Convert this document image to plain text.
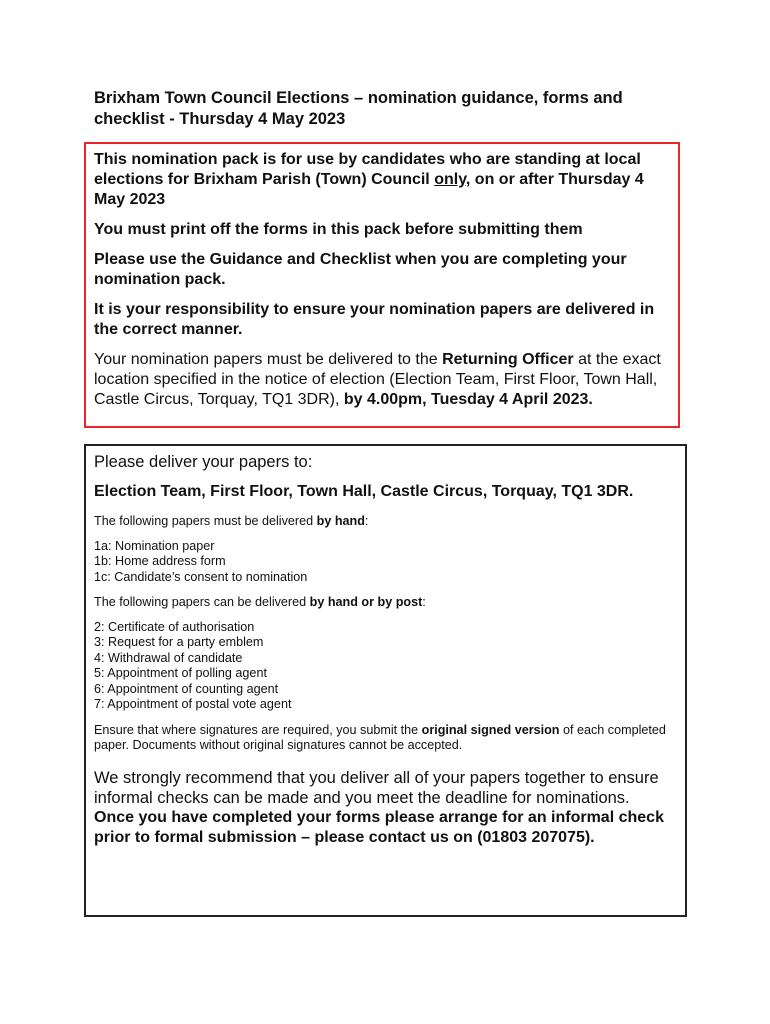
Brixham Town Council Elections – nomination guidance, forms and checklist - Thursday 4 May 2023

This nomination pack is for use by candidates who are standing at local elections for Brixham Parish (Town) Council only, on or after Thursday 4 May 2023

You must print off the forms in this pack before submitting them

Please use the Guidance and Checklist when you are completing your nomination pack.

It is your responsibility to ensure your nomination papers are delivered in the correct manner.

Your nomination papers must be delivered to the Returning Officer at the exact location specified in the notice of election (Election Team, First Floor, Town Hall, Castle Circus, Torquay, TQ1 3DR), by 4.00pm, Tuesday 4 April 2023.

Please deliver your papers to:

Election Team, First Floor, Town Hall, Castle Circus, Torquay, TQ1 3DR.

The following papers must be delivered by hand:

1a: Nomination paper
1b: Home address form
1c: Candidate’s consent to nomination

The following papers can be delivered by hand or by post:

2: Certificate of authorisation
3: Request for a party emblem
4: Withdrawal of candidate
5: Appointment of polling agent
6: Appointment of counting agent
7: Appointment of postal vote agent

Ensure that where signatures are required, you submit the original signed version of each completed paper. Documents without original signatures cannot be accepted.

We strongly recommend that you deliver all of your papers together to ensure informal checks can be made and you meet the deadline for nominations.

Once you have completed your forms please arrange for an informal check prior to formal submission – please contact us on (01803 207075).
